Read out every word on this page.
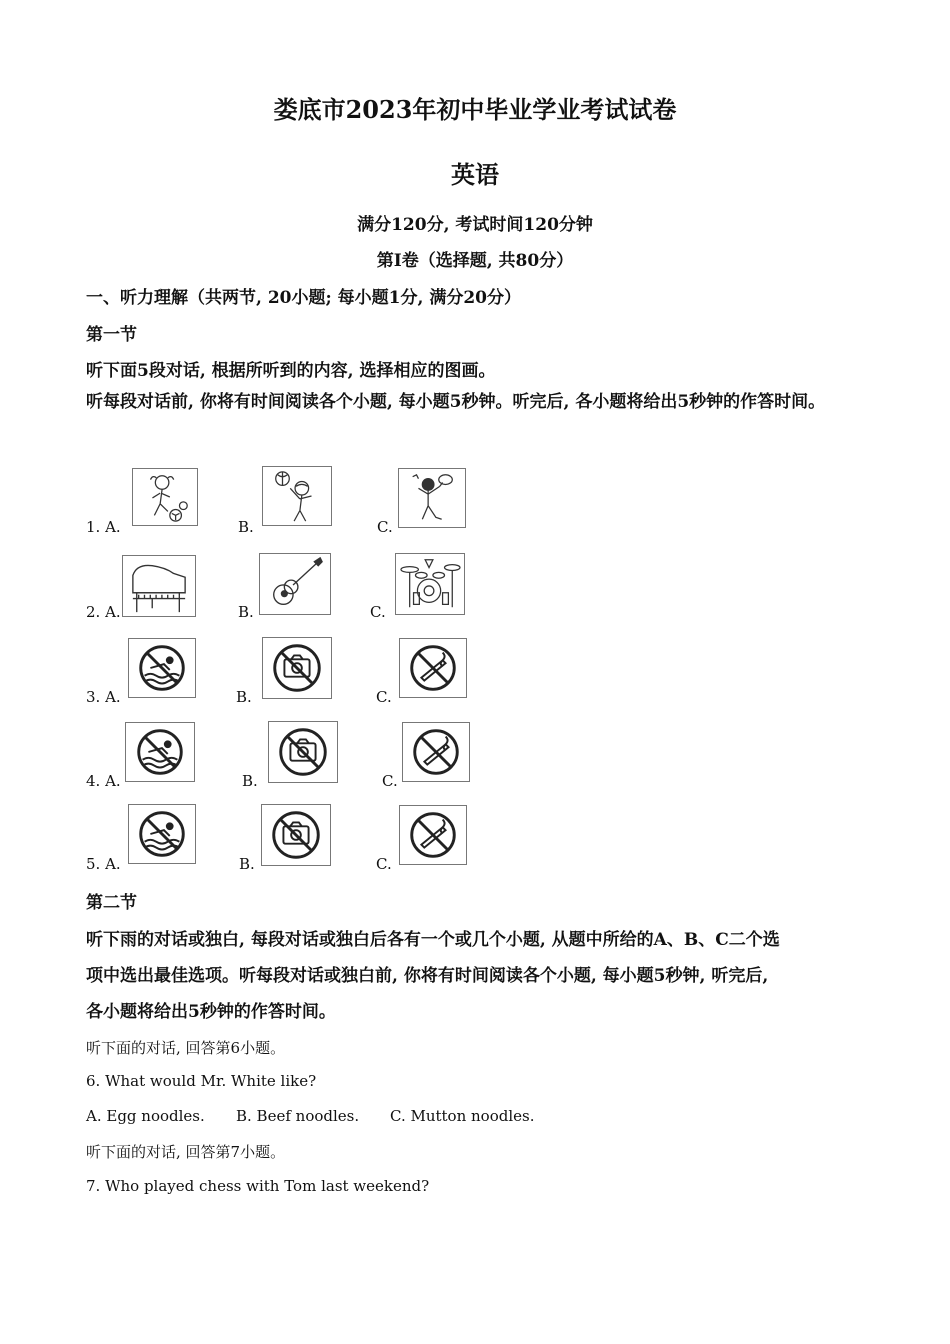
娄底市2023年初中毕业学业考试试卷
英语
满分120分, 考试时间120分钟
第Ⅰ卷（选择题, 共80分）
一、听力理解（共两节, 20小题; 每小题1分, 满分20分）
第一节
听下面5段对话, 根据所听到的内容, 选择相应的图画。
听每段对话前, 你将有时间阅读各个小题, 每小题5秒钟。听完后, 各小题将给出5秒钟的作答时间。
1. A.	B.	C.
2. A.	B.	C.
3. A.	B.	C.
4. A.	B.	C.
5. A.	B.	C.
第二节
听下雨的对话或独白, 每段对话或独白后各有一个或几个小题, 从题中所给的A、B、C二个选
项中选出最佳选项。听每段对话或独白前, 你将有时间阅读各个小题, 每小题5秒钟, 听完后,
各小题将给出5秒钟的作答时间。
听下面的对话, 回答第6小题。
6. What would Mr. White like?
A. Egg noodles. B. Beef noodles. C. Mutton noodles.
听下面的对话, 回答第7小题。
7. Who played chess with Tom last weekend?
